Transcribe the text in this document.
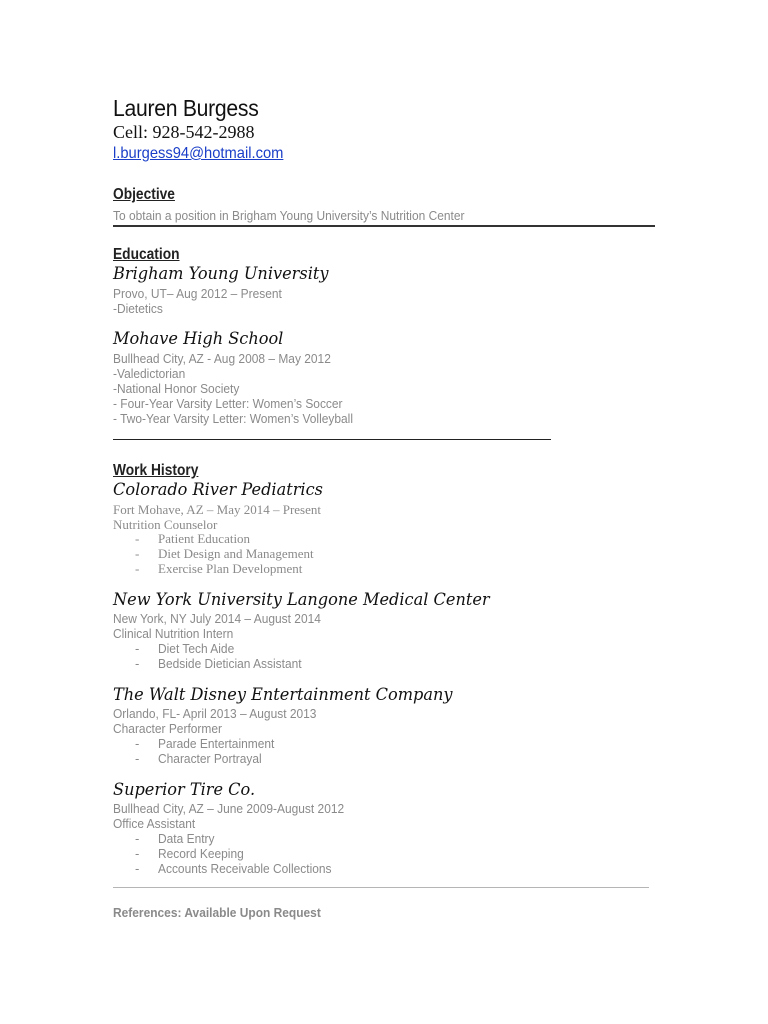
Lauren Burgess
Cell: 928-542-2988
l.burgess94@hotmail.com
Objective
To obtain a position in Brigham Young University’s Nutrition Center
Education
Brigham Young University
Provo, UT– Aug 2012 – Present
-Dietetics
Mohave High School
Bullhead City, AZ - Aug 2008 – May 2012
-Valedictorian
-National Honor Society
- Four-Year Varsity Letter: Women’s Soccer
- Two-Year Varsity Letter: Women’s Volleyball
Work History
Colorado River Pediatrics
Fort Mohave, AZ – May 2014 – Present
Nutrition Counselor
- Patient Education
- Diet Design and Management
- Exercise Plan Development
New York University Langone Medical Center
New York, NY July 2014 – August 2014
Clinical Nutrition Intern
- Diet Tech Aide
- Bedside Dietician Assistant
The Walt Disney Entertainment Company
Orlando, FL- April 2013 – August 2013
Character Performer
- Parade Entertainment
- Character Portrayal
Superior Tire Co.
Bullhead City, AZ – June 2009-August 2012
Office Assistant
- Data Entry
- Record Keeping
- Accounts Receivable Collections
References: Available Upon Request
